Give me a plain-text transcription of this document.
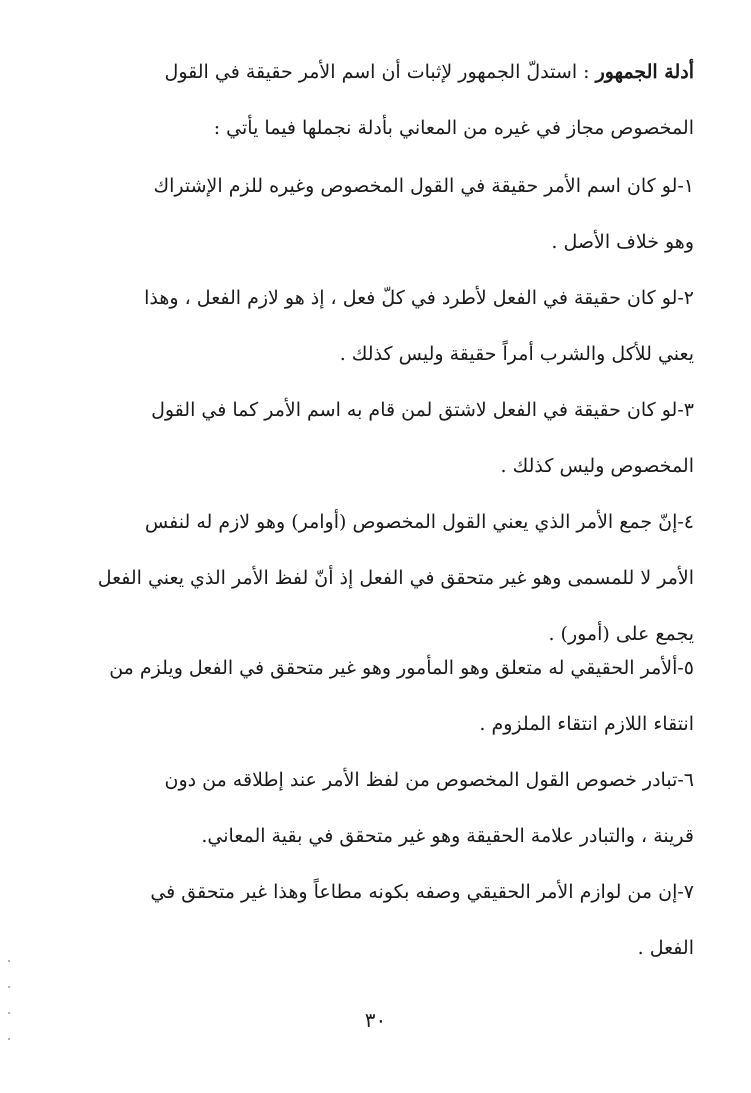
أدلة الجمهور : استدلّ الجمهور لإثبات أن اسم الأمر حقيقة في القول
المخصوص مجاز في غيره من المعاني بأدلة نجملها فيما يأتي :
١-لو كان اسم الأمر حقيقة في القول المخصوص وغيره للزم الإشتراك
وهو خلاف الأصل .
٢-لو كان حقيقة في الفعل لأطرد في كلّ فعل ، إذ هو لازم الفعل ، وهذا
يعني للأكل والشرب أمراً حقيقة وليس كذلك .
٣-لو كان حقيقة في الفعل لاشتق لمن قام به اسم الأمر كما في القول
المخصوص وليس كذلك .
٤-إنّ جمع الأمر الذي يعني القول المخصوص (أوامر) وهو لازم له لنفس
الأمر لا للمسمى وهو غير متحقق في الفعل إذ أنّ لفظ الأمر الذي يعني الفعل
يجمع على (أمور) .
٥-ألأمر الحقيقي له متعلق وهو المأمور وهو غير متحقق في الفعل ويلزم من
انتقاء اللازم انتقاء الملزوم .
٦-تبادر خصوص القول المخصوص من لفظ الأمر عند إطلاقه من دون
قرينة ، والتبادر علامة الحقيقة وهو غير متحقق في بقية المعاني.
٧-إن من لوازم الأمر الحقيقي وصفه بكونه مطاعاً وهذا غير متحقق في
الفعل .
٣٠
